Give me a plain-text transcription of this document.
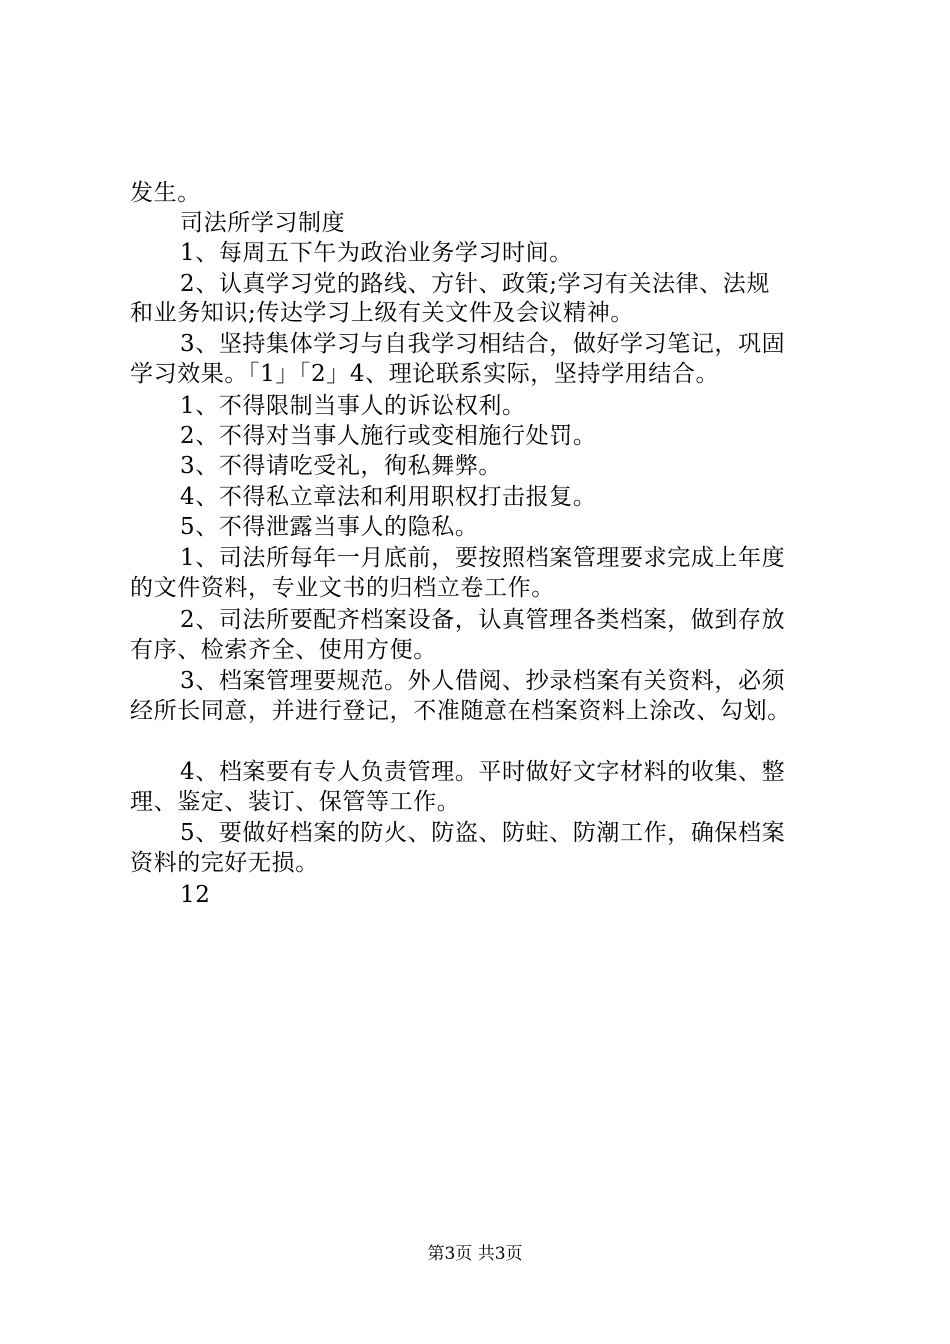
发生。
司法所学习制度
1、每周五下午为政治业务学习时间。
2、认真学习党的路线、方针、政策;学习有关法律、法规
和业务知识;传达学习上级有关文件及会议精神。
3、坚持集体学习与自我学习相结合，做好学习笔记，巩固
学习效果。「1」「2」4、理论联系实际，坚持学用结合。
1、不得限制当事人的诉讼权利。
2、不得对当事人施行或变相施行处罚。
3、不得请吃受礼，徇私舞弊。
4、不得私立章法和利用职权打击报复。
5、不得泄露当事人的隐私。
1、司法所每年一月底前，要按照档案管理要求完成上年度
的文件资料，专业文书的归档立卷工作。
2、司法所要配齐档案设备，认真管理各类档案，做到存放
有序、检索齐全、使用方便。
3、档案管理要规范。外人借阅、抄录档案有关资料，必须
经所长同意，并进行登记，不准随意在档案资料上涂改、勾划。
4、档案要有专人负责管理。平时做好文字材料的收集、整
理、鉴定、装订、保管等工作。
5、要做好档案的防火、防盗、防蛀、防潮工作，确保档案
资料的完好无损。
12
第3页 共3页
